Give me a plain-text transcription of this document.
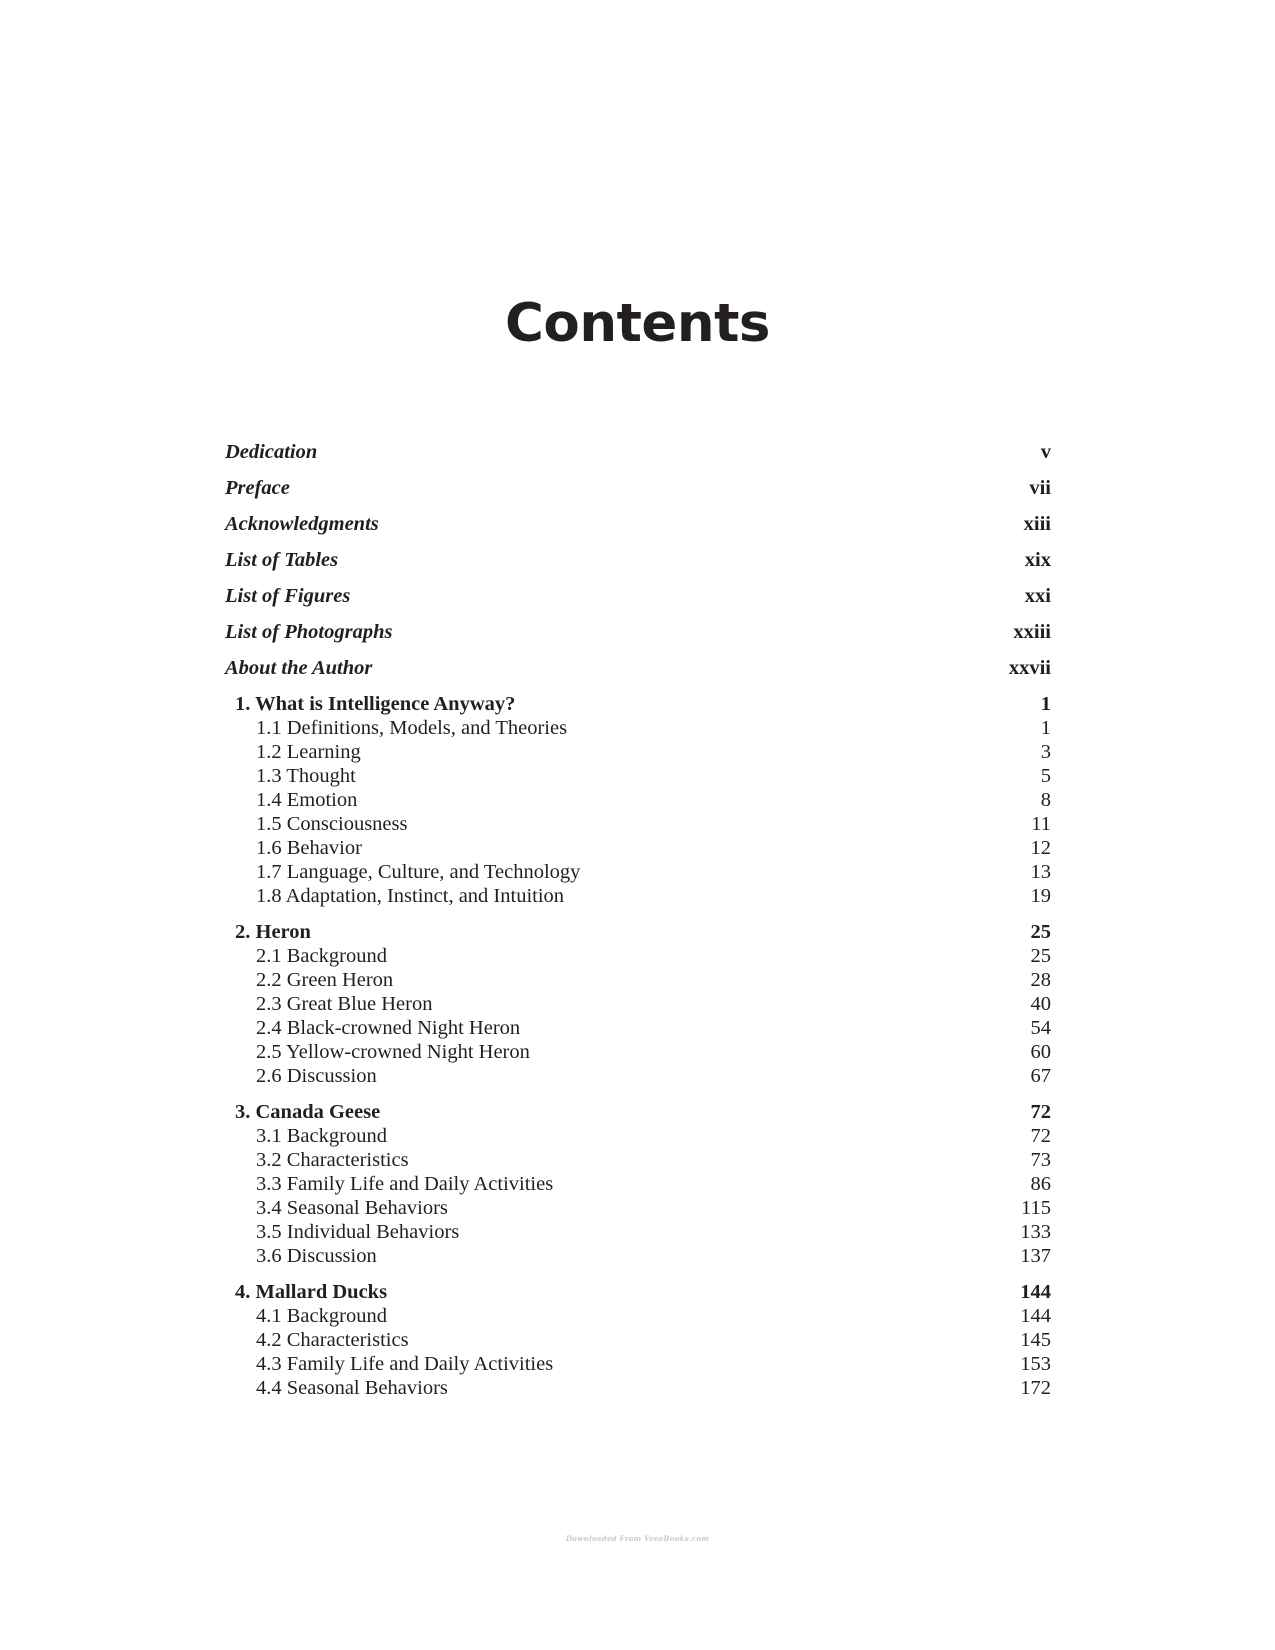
Contents
Dedication	v
Preface	vii
Acknowledgments	xiii
List of Tables	xix
List of Figures	xxi
List of Photographs	xxiii
About the Author	xxvii
1. What is Intelligence Anyway?	1
1.1 Definitions, Models, and Theories	1
1.2 Learning	3
1.3 Thought	5
1.4 Emotion	8
1.5 Consciousness	11
1.6 Behavior	12
1.7 Language, Culture, and Technology	13
1.8 Adaptation, Instinct, and Intuition	19
2. Heron	25
2.1 Background	25
2.2 Green Heron	28
2.3 Great Blue Heron	40
2.4 Black-crowned Night Heron	54
2.5 Yellow-crowned Night Heron	60
2.6 Discussion	67
3. Canada Geese	72
3.1 Background	72
3.2 Characteristics	73
3.3 Family Life and Daily Activities	86
3.4 Seasonal Behaviors	115
3.5 Individual Behaviors	133
3.6 Discussion	137
4. Mallard Ducks	144
4.1 Background	144
4.2 Characteristics	145
4.3 Family Life and Daily Activities	153
4.4 Seasonal Behaviors	172
Downloaded From VeeeBooks.com
